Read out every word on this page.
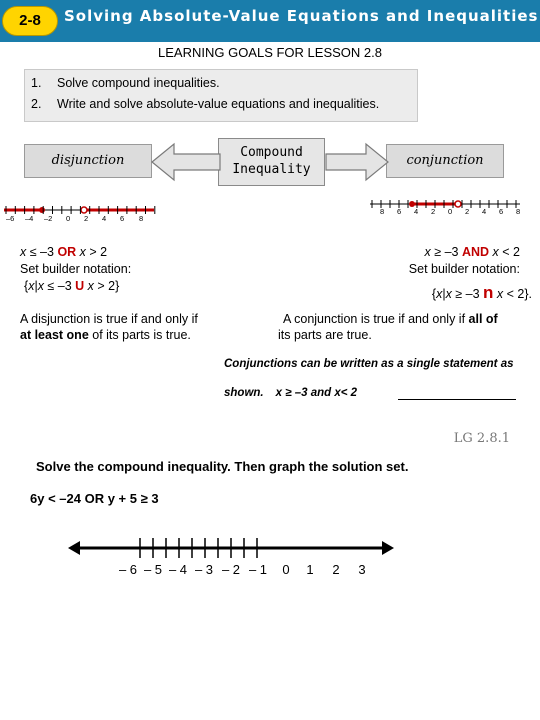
2-8	Solving Absolute-Value Equations and Inequalities
LEARNING GOALS FOR LESSON 2.8
1. Solve compound inequalities.
2. Write and solve absolute-value equations and inequalities.
disjunction
Compound
Inequality
conjunction
–6 –4 –2 0 2 4 6 8
8 6 4 2 0 2 4 6 8
x ≤ –3 OR x > 2
Set builder notation:
{x|x ≤ –3 U x > 2}
x ≥ –3 AND x < 2
Set builder notation:
{x|x ≥ –3 n x < 2}.
A disjunction is true if and only if
at least one of its parts is true.
A conjunction is true if and only if all of
its parts are true.
Conjunctions can be written as a single statement as
shown. x ≥ –3 and x< 2
LG 2.8.1
Solve the compound inequality. Then graph the solution set.
6y < –24 OR y + 5 ≥ 3
– 6 – 5 – 4 – 3 – 2 – 1	0	1	2	3
